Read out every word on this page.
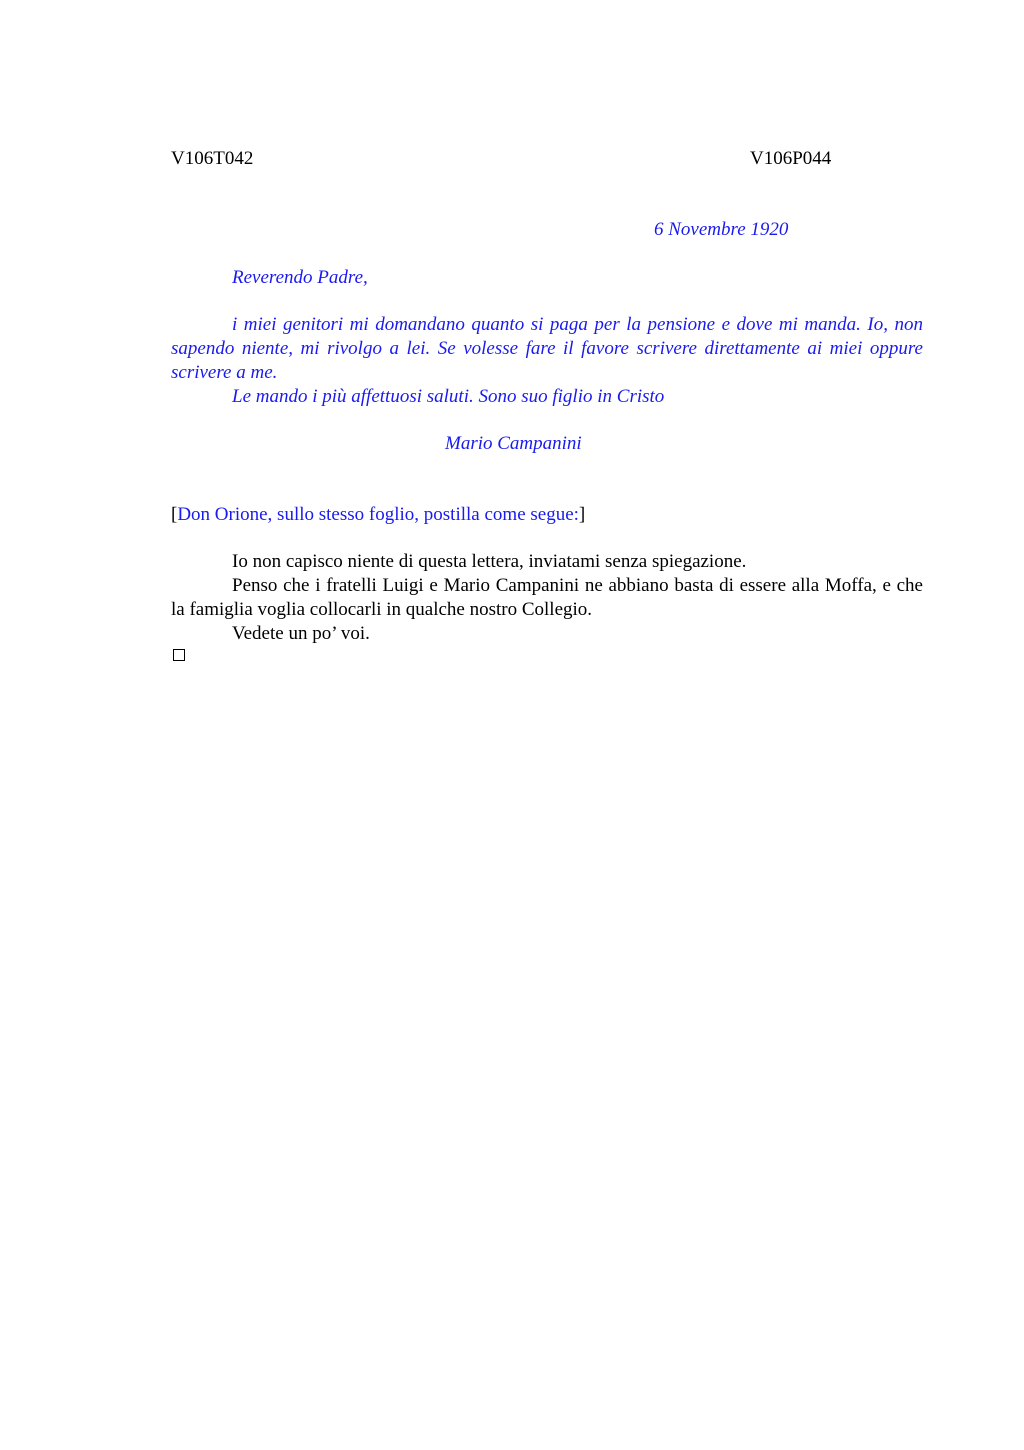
V106T042	V106P044
6 Novembre 1920
Reverendo Padre,

i miei genitori mi domandano quanto si paga per la pensione e dove mi manda. Io, non sapendo niente, mi rivolgo a lei. Se volesse fare il favore scrivere direttamente ai miei oppure scrivere a me.

Le mando i più affettuosi saluti. Sono suo figlio in Cristo

Mario Campanini
[Don Orione, sullo stesso foglio, postilla come segue:]

Io non capisco niente di questa lettera, inviatami senza spiegazione.

Penso che i fratelli Luigi e Mario Campanini ne abbiano basta di essere alla Moffa, e che la famiglia voglia collocarli in qualche nostro Collegio.

Vedete un po’ voi.
